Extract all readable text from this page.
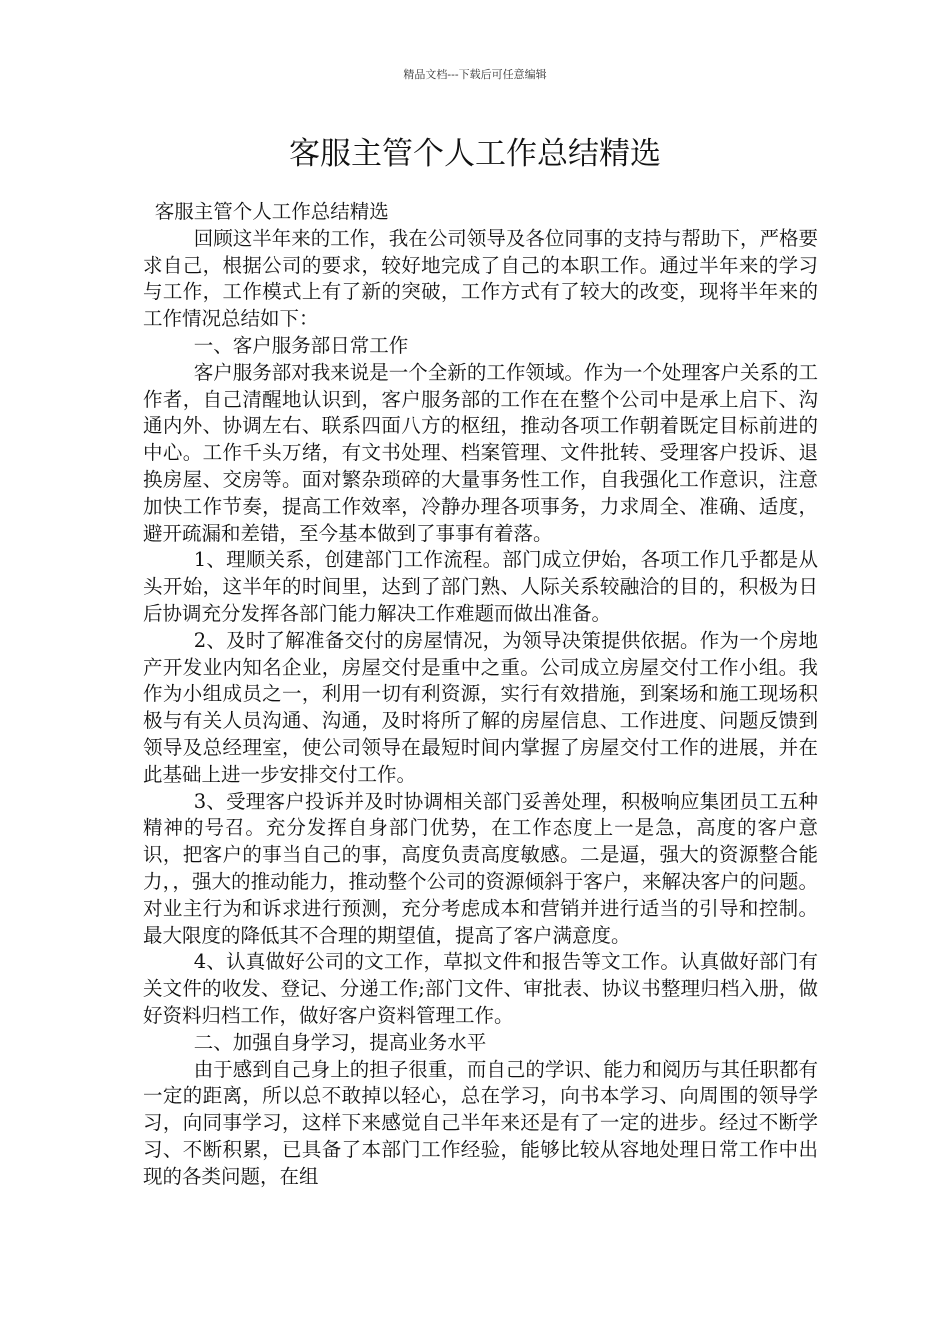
精品文档---下载后可任意编辑
客服主管个人工作总结精选

客服主管个人工作总结精选

回顾这半年来的工作，我在公司领导及各位同事的支持与帮助下，严格要求自己，根据公司的要求，较好地完成了自己的本职工作。通过半年来的学习与工作，工作模式上有了新的突破，工作方式有了较大的改变，现将半年来的工作情况总结如下：

一、客户服务部日常工作

客户服务部对我来说是一个全新的工作领域。作为一个处理客户关系的工作者，自己清醒地认识到，客户服务部的工作在在整个公司中是承上启下、沟通内外、协调左右、联系四面八方的枢纽，推动各项工作朝着既定目标前进的中心。工作千头万绪，有文书处理、档案管理、文件批转、受理客户投诉、退换房屋、交房等。面对繁杂琐碎的大量事务性工作，自我强化工作意识，注意加快工作节奏，提高工作效率，冷静办理各项事务，力求周全、准确、适度，避开疏漏和差错，至今基本做到了事事有着落。

1、理顺关系，创建部门工作流程。部门成立伊始，各项工作几乎都是从头开始，这半年的时间里，达到了部门熟、人际关系较融洽的目的，积极为日后协调充分发挥各部门能力解决工作难题而做出准备。

2、及时了解准备交付的房屋情况，为领导决策提供依据。作为一个房地产开发业内知名企业，房屋交付是重中之重。公司成立房屋交付工作小组。我作为小组成员之一，利用一切有利资源，实行有效措施，到案场和施工现场积极与有关人员沟通、沟通，及时将所了解的房屋信息、工作进度、问题反馈到领导及总经理室，使公司领导在最短时间内掌握了房屋交付工作的进展，并在此基础上进一步安排交付工作。

3、受理客户投诉并及时协调相关部门妥善处理，积极响应集团员工五种精神的号召。充分发挥自身部门优势，在工作态度上一是急，高度的客户意识，把客户的事当自己的事，高度负责高度敏感。二是逼，强大的资源整合能力，，强大的推动能力，推动整个公司的资源倾斜于客户，来解决客户的问题。对业主行为和诉求进行预测，充分考虑成本和营销并进行适当的引导和控制。最大限度的降低其不合理的期望值，提高了客户满意度。

4、认真做好公司的文工作，草拟文件和报告等文工作。认真做好部门有关文件的收发、登记、分递工作;部门文件、审批表、协议书整理归档入册，做好资料归档工作，做好客户资料管理工作。

二、加强自身学习，提高业务水平

由于感到自己身上的担子很重，而自己的学识、能力和阅历与其任职都有一定的距离，所以总不敢掉以轻心，总在学习，向书本学习、向周围的领导学习，向同事学习，这样下来感觉自己半年来还是有了一定的进步。经过不断学习、不断积累，已具备了本部门工作经验，能够比较从容地处理日常工作中出现的各类问题，在组
